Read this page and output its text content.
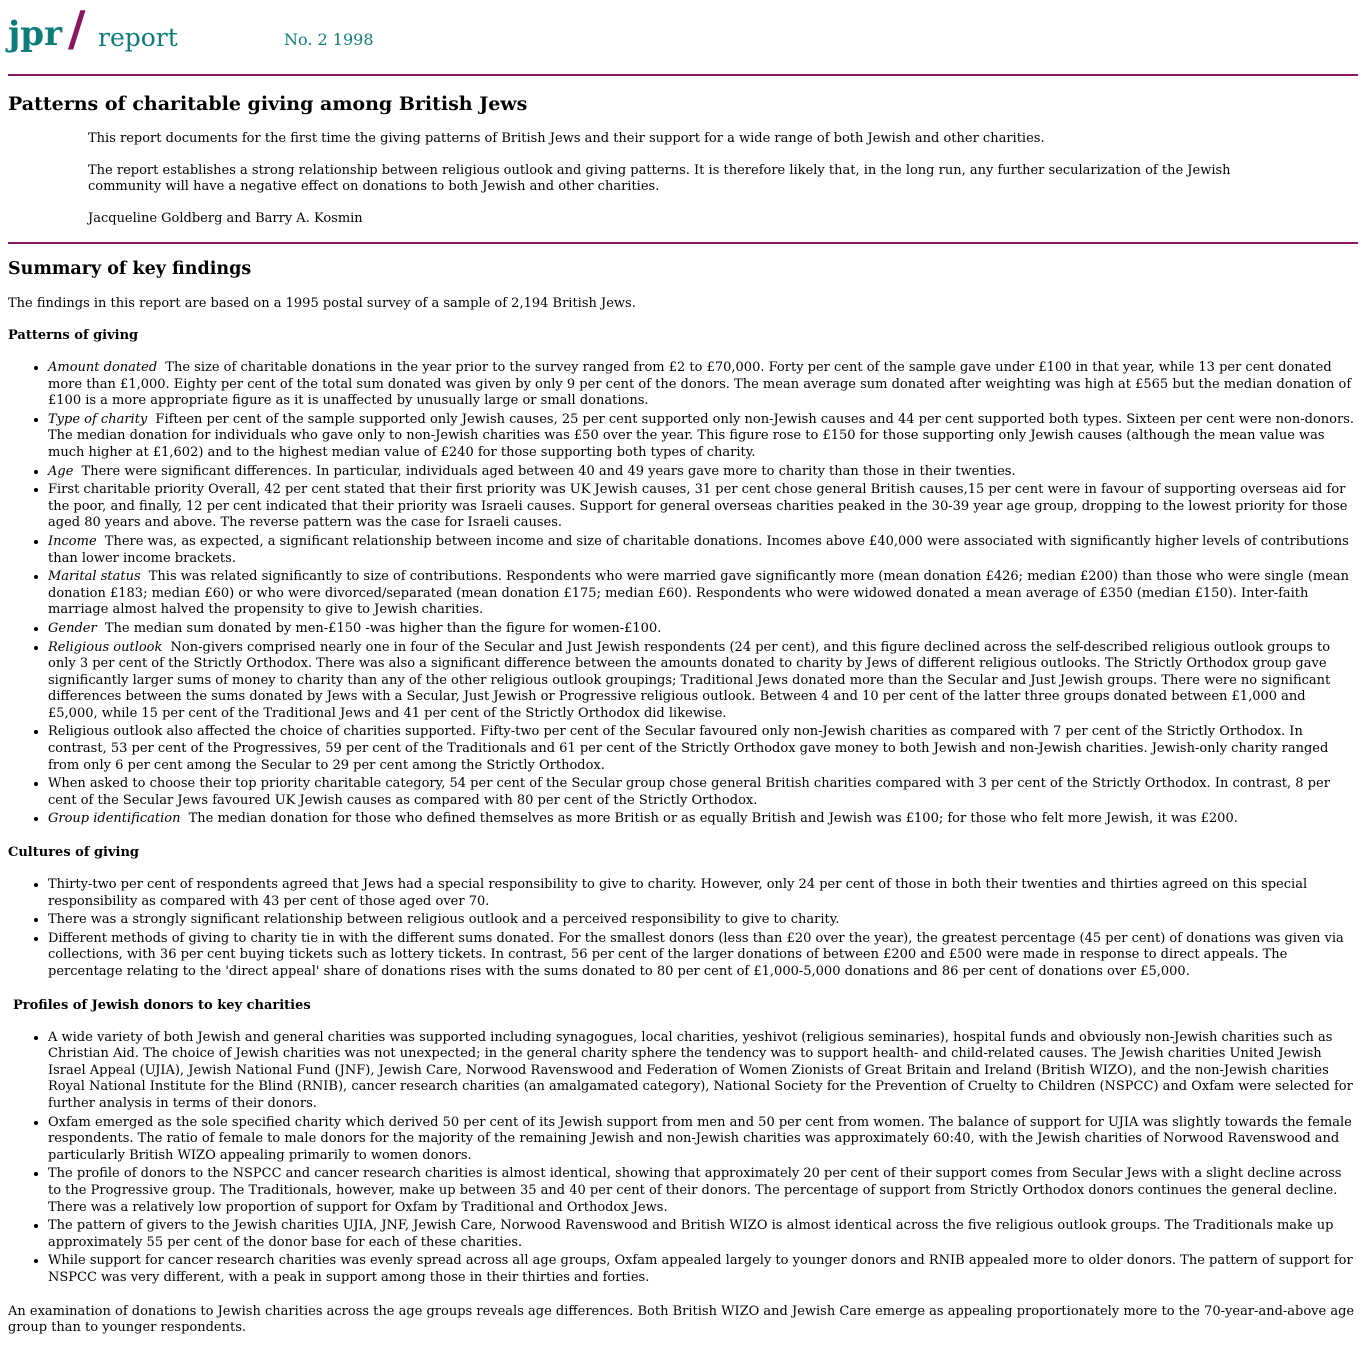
jpr / report	No. 2 1998
Patterns of charitable giving among British Jews

This report documents for the first time the giving patterns of British Jews and their support for a wide range of both Jewish and other charities.

The report establishes a strong relationship between religious outlook and giving patterns. It is therefore likely that, in the long run, any further secularization of the Jewish community will have a negative effect on donations to both Jewish and other charities.

Jacqueline Goldberg and Barry A. Kosmin

Summary of key findings

The findings in this report are based on a 1995 postal survey of a sample of 2,194 British Jews.

Patterns of giving
• Amount donated The size of charitable donations in the year prior to the survey ranged from £2 to £70,000. Forty per cent of the sample gave under £100 in that year, while 13 per cent donated more than £1,000. Eighty per cent of the total sum donated was given by only 9 per cent of the donors. The mean average sum donated after weighting was high at £565 but the median donation of £100 is a more appropriate figure as it is unaffected by unusually large or small donations.
• Type of charity Fifteen per cent of the sample supported only Jewish causes, 25 per cent supported only non-Jewish causes and 44 per cent supported both types. Sixteen per cent were non-donors. The median donation for individuals who gave only to non-Jewish charities was £50 over the year. This figure rose to £150 for those supporting only Jewish causes (although the mean value was much higher at £1,602) and to the highest median value of £240 for those supporting both types of charity.
• Age There were significant differences. In particular, individuals aged between 40 and 49 years gave more to charity than those in their twenties.
• First charitable priority Overall, 42 per cent stated that their first priority was UK Jewish causes, 31 per cent chose general British causes,15 per cent were in favour of supporting overseas aid for the poor, and finally, 12 per cent indicated that their priority was Israeli causes. Support for general overseas charities peaked in the 30-39 year age group, dropping to the lowest priority for those aged 80 years and above. The reverse pattern was the case for Israeli causes.
• Income There was, as expected, a significant relationship between income and size of charitable donations. Incomes above £40,000 were associated with significantly higher levels of contributions than lower income brackets.
• Marital status This was related significantly to size of contributions. Respondents who were married gave significantly more (mean donation £426; median £200) than those who were single (mean donation £183; median £60) or who were divorced/separated (mean donation £175; median £60). Respondents who were widowed donated a mean average of £350 (median £150). Inter-faith marriage almost halved the propensity to give to Jewish charities.
• Gender The median sum donated by men-£150 -was higher than the figure for women-£100.
• Religious outlook Non-givers comprised nearly one in four of the Secular and Just Jewish respondents (24 per cent), and this figure declined across the self-described religious outlook groups to only 3 per cent of the Strictly Orthodox. There was also a significant difference between the amounts donated to charity by Jews of different religious outlooks. The Strictly Orthodox group gave significantly larger sums of money to charity than any of the other religious outlook groupings; Traditional Jews donated more than the Secular and Just Jewish groups. There were no significant differences between the sums donated by Jews with a Secular, Just Jewish or Progressive religious outlook. Between 4 and 10 per cent of the latter three groups donated between £1,000 and £5,000, while 15 per cent of the Traditional Jews and 41 per cent of the Strictly Orthodox did likewise.
• Religious outlook also affected the choice of charities supported. Fifty-two per cent of the Secular favoured only non-Jewish charities as compared with 7 per cent of the Strictly Orthodox. In contrast, 53 per cent of the Progressives, 59 per cent of the Traditionals and 61 per cent of the Strictly Orthodox gave money to both Jewish and non-Jewish charities. Jewish-only charity ranged from only 6 per cent among the Secular to 29 per cent among the Strictly Orthodox.
• When asked to choose their top priority charitable category, 54 per cent of the Secular group chose general British charities compared with 3 per cent of the Strictly Orthodox. In contrast, 8 per cent of the Secular Jews favoured UK Jewish causes as compared with 80 per cent of the Strictly Orthodox.
• Group identification The median donation for those who defined themselves as more British or as equally British and Jewish was £100; for those who felt more Jewish, it was £200.
Cultures of giving
• Thirty-two per cent of respondents agreed that Jews had a special responsibility to give to charity. However, only 24 per cent of those in both their twenties and thirties agreed on this special responsibility as compared with 43 per cent of those aged over 70.
• There was a strongly significant relationship between religious outlook and a perceived responsibility to give to charity.
• Different methods of giving to charity tie in with the different sums donated. For the smallest donors (less than £20 over the year), the greatest percentage (45 per cent) of donations was given via collections, with 36 per cent buying tickets such as lottery tickets. In contrast, 56 per cent of the larger donations of between £200 and £500 were made in response to direct appeals. The percentage relating to the 'direct appeal' share of donations rises with the sums donated to 80 per cent of £1,000-5,000 donations and 86 per cent of donations over £5,000.
Profiles of Jewish donors to key charities
• A wide variety of both Jewish and general charities was supported including synagogues, local charities, yeshivot (religious seminaries), hospital funds and obviously non-Jewish charities such as Christian Aid. The choice of Jewish charities was not unexpected; in the general charity sphere the tendency was to support health- and child-related causes. The Jewish charities United Jewish Israel Appeal (UJIA), Jewish National Fund (JNF), Jewish Care, Norwood Ravenswood and Federation of Women Zionists of Great Britain and Ireland (British WIZO), and the non-Jewish charities Royal National Institute for the Blind (RNIB), cancer research charities (an amalgamated category), National Society for the Prevention of Cruelty to Children (NSPCC) and Oxfam were selected for further analysis in terms of their donors.
• Oxfam emerged as the sole specified charity which derived 50 per cent of its Jewish support from men and 50 per cent from women. The balance of support for UJIA was slightly towards the female respondents. The ratio of female to male donors for the majority of the remaining Jewish and non-Jewish charities was approximately 60:40, with the Jewish charities of Norwood Ravenswood and particularly British WIZO appealing primarily to women donors.
• The profile of donors to the NSPCC and cancer research charities is almost identical, showing that approximately 20 per cent of their support comes from Secular Jews with a slight decline across to the Progressive group. The Traditionals, however, make up between 35 and 40 per cent of their donors. The percentage of support from Strictly Orthodox donors continues the general decline. There was a relatively low proportion of support for Oxfam by Traditional and Orthodox Jews.
• The pattern of givers to the Jewish charities UJIA, JNF, Jewish Care, Norwood Ravenswood and British WIZO is almost identical across the five religious outlook groups. The Traditionals make up approximately 55 per cent of the donor base for each of these charities.
• While support for cancer research charities was evenly spread across all age groups, Oxfam appealed largely to younger donors and RNIB appealed more to older donors. The pattern of support for NSPCC was very different, with a peak in support among those in their thirties and forties.

An examination of donations to Jewish charities across the age groups reveals age differences. Both British WIZO and Jewish Care emerge as appealing proportionately more to the 70-year-and-above age group than to younger respondents.
